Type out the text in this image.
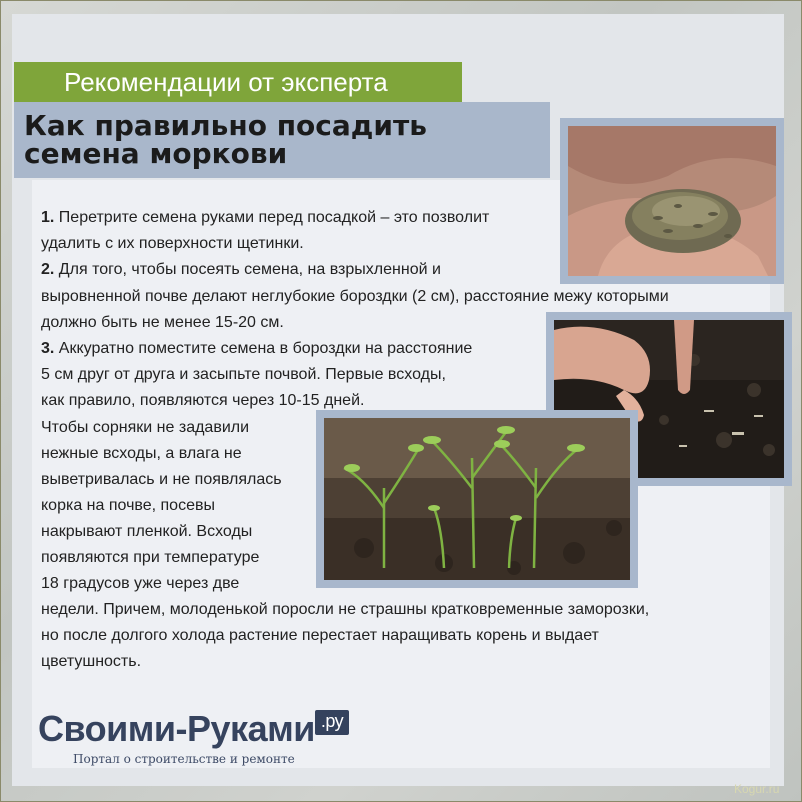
Рекомендации от эксперта
Как правильно посадить
семена моркови

1. Перетрите семена руками перед посадкой – это позволит

удалить с их поверхности щетинки.

2. Для того, чтобы посеять семена, на взрыхленной и

выровненной почве делают неглубокие бороздки (2 см), расстояние межу которыми

должно быть не менее 15-20 см.

3. Аккуратно поместите семена в бороздки на расстояние

5 см друг от друга и засыпьте почвой. Первые всходы,

как правило, появляются через 10-15 дней.

Чтобы сорняки не задавили

нежные всходы, а влага не

выветривалась и не появлялась

корка на почве, посевы

накрывают пленкой. Всходы

появляются при температуре

18 градусов уже через две

недели. Причем, молоденькой поросли не страшны кратковременные заморозки,

но после долгого холода растение перестает наращивать корень и выдает

цветушность.

Своими-Руками .ру
Портал о строительстве и ремонте
Kogur.ru
